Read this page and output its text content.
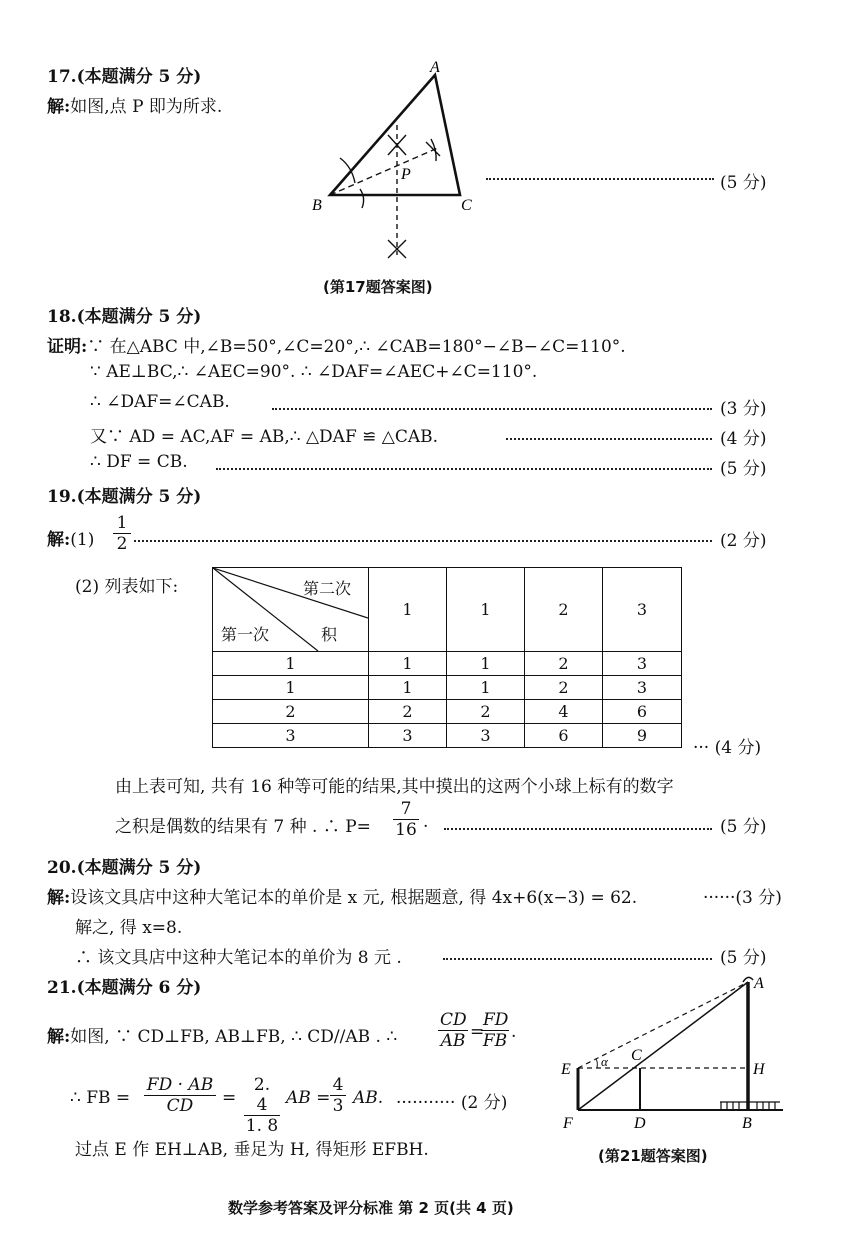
17.(本题满分 5 分)
解:如图,点 P 即为所求.
A
B	C
P	(5 分)
(第17题答案图)
18.(本题满分 5 分)
证明:∵ 在△ABC 中,∠B=50°,∠C=20°,∴ ∠CAB=180°−∠B−∠C=110°.
∵ AE⊥BC,∴ ∠AEC=90°. ∴ ∠DAF=∠AEC+∠C=110°.
∴ ∠DAF=∠CAB.	(3 分)
又∵ AD = AC,AF = AB,∴ △DAF ≌ △CAB.	(4 分)
∴ DF = CB.	(5 分)
19.(本题满分 5 分)
解:(1) $\frac{1}{2}$	(2 分)
(2) 列表如下:	第二次
第一次 积	1	1	2	3
1	1	1	2	3
1	1	1	2	3
2	2	2	4	6
3	3	3	6	9
··· (4 分)
由上表可知, 共有 16 种等可能的结果,其中摸出的这两个小球上标有的数字
之积是偶数的结果有 7 种 . ∴ $P= \frac{7}{16}$ .	(5 分)
20.(本题满分 5 分)
解:设该文具店中这种大笔记本的单价是 x 元, 根据题意, 得 4x+6(x−3) = 62.	······(3 分)
解之, 得 x=8.
∴ 该文具店中这种大笔记本的单价为 8 元 .	(5 分)
21.(本题满分 6 分)
解:如图, ∵ CD⊥FB, AB⊥FB, ∴ CD//AB . ∴ $\frac{CD}{AB}$ =
$\frac{FD}{FB}$ .
∴ FB = $\frac{FD \cdot AB}{CD} = \frac{2. 4}{1. 8}$ AB = $\frac{4}{3}$ AB. ··········· (2 分)
过点 E 作 EH⊥AB, 垂足为 H, 得矩形 EFBH.
α
A
E
C
H
F	D	B
(第21题答案图)
数学参考答案及评分标准 第 2 页(共 4 页)
